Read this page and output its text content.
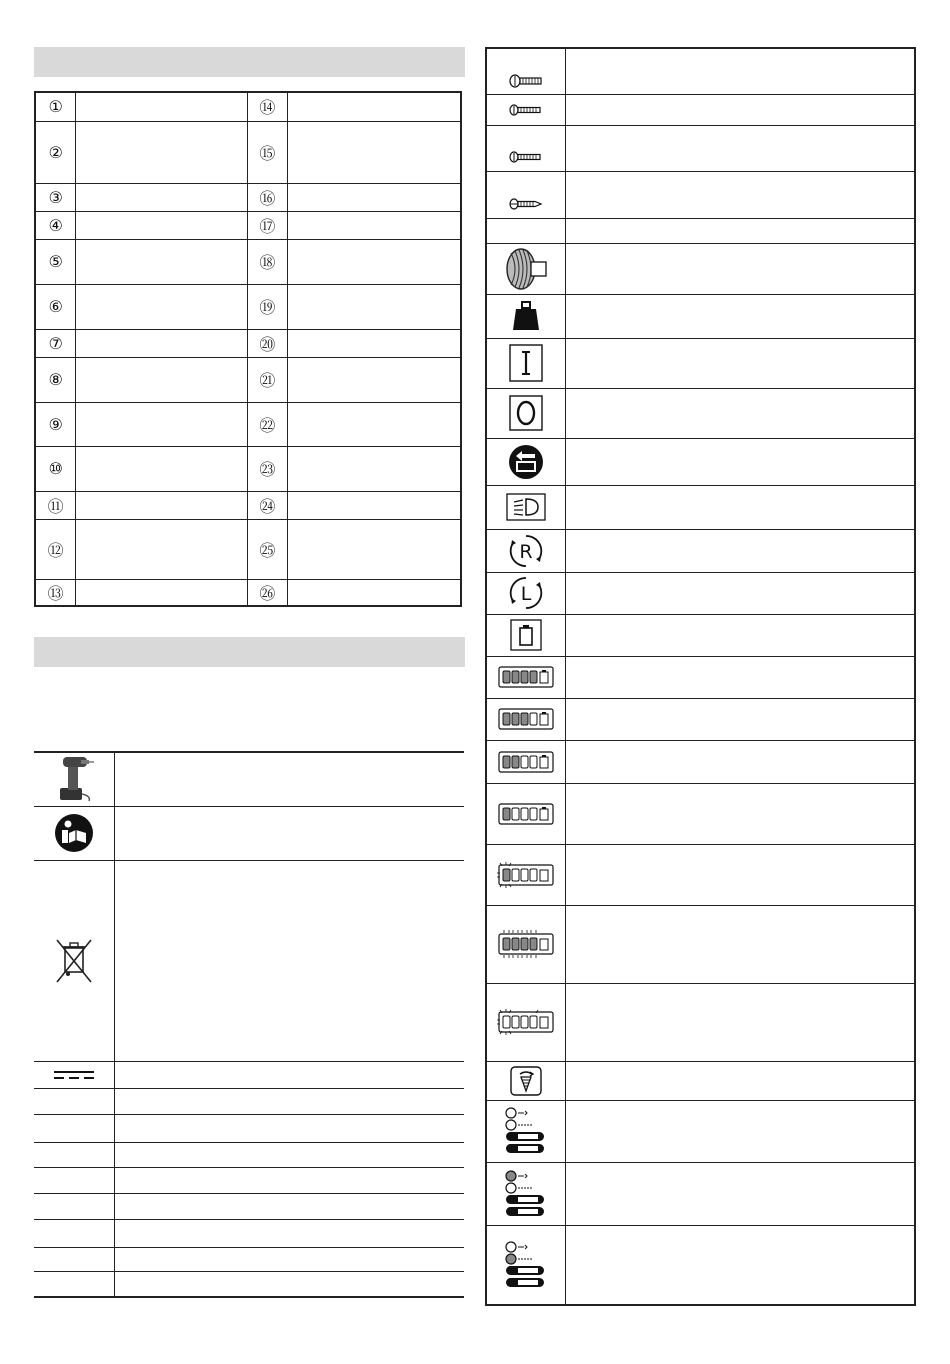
①		⑭	
②		⑮	
③		⑯	
④		⑰	
⑤		⑱	
⑥		⑲	
⑦		⑳	
⑧		㉑	
⑨		㉒	
⑩		㉓	
⑪		㉔	
⑫		㉕	
⑬		㉖	

R	

L	
